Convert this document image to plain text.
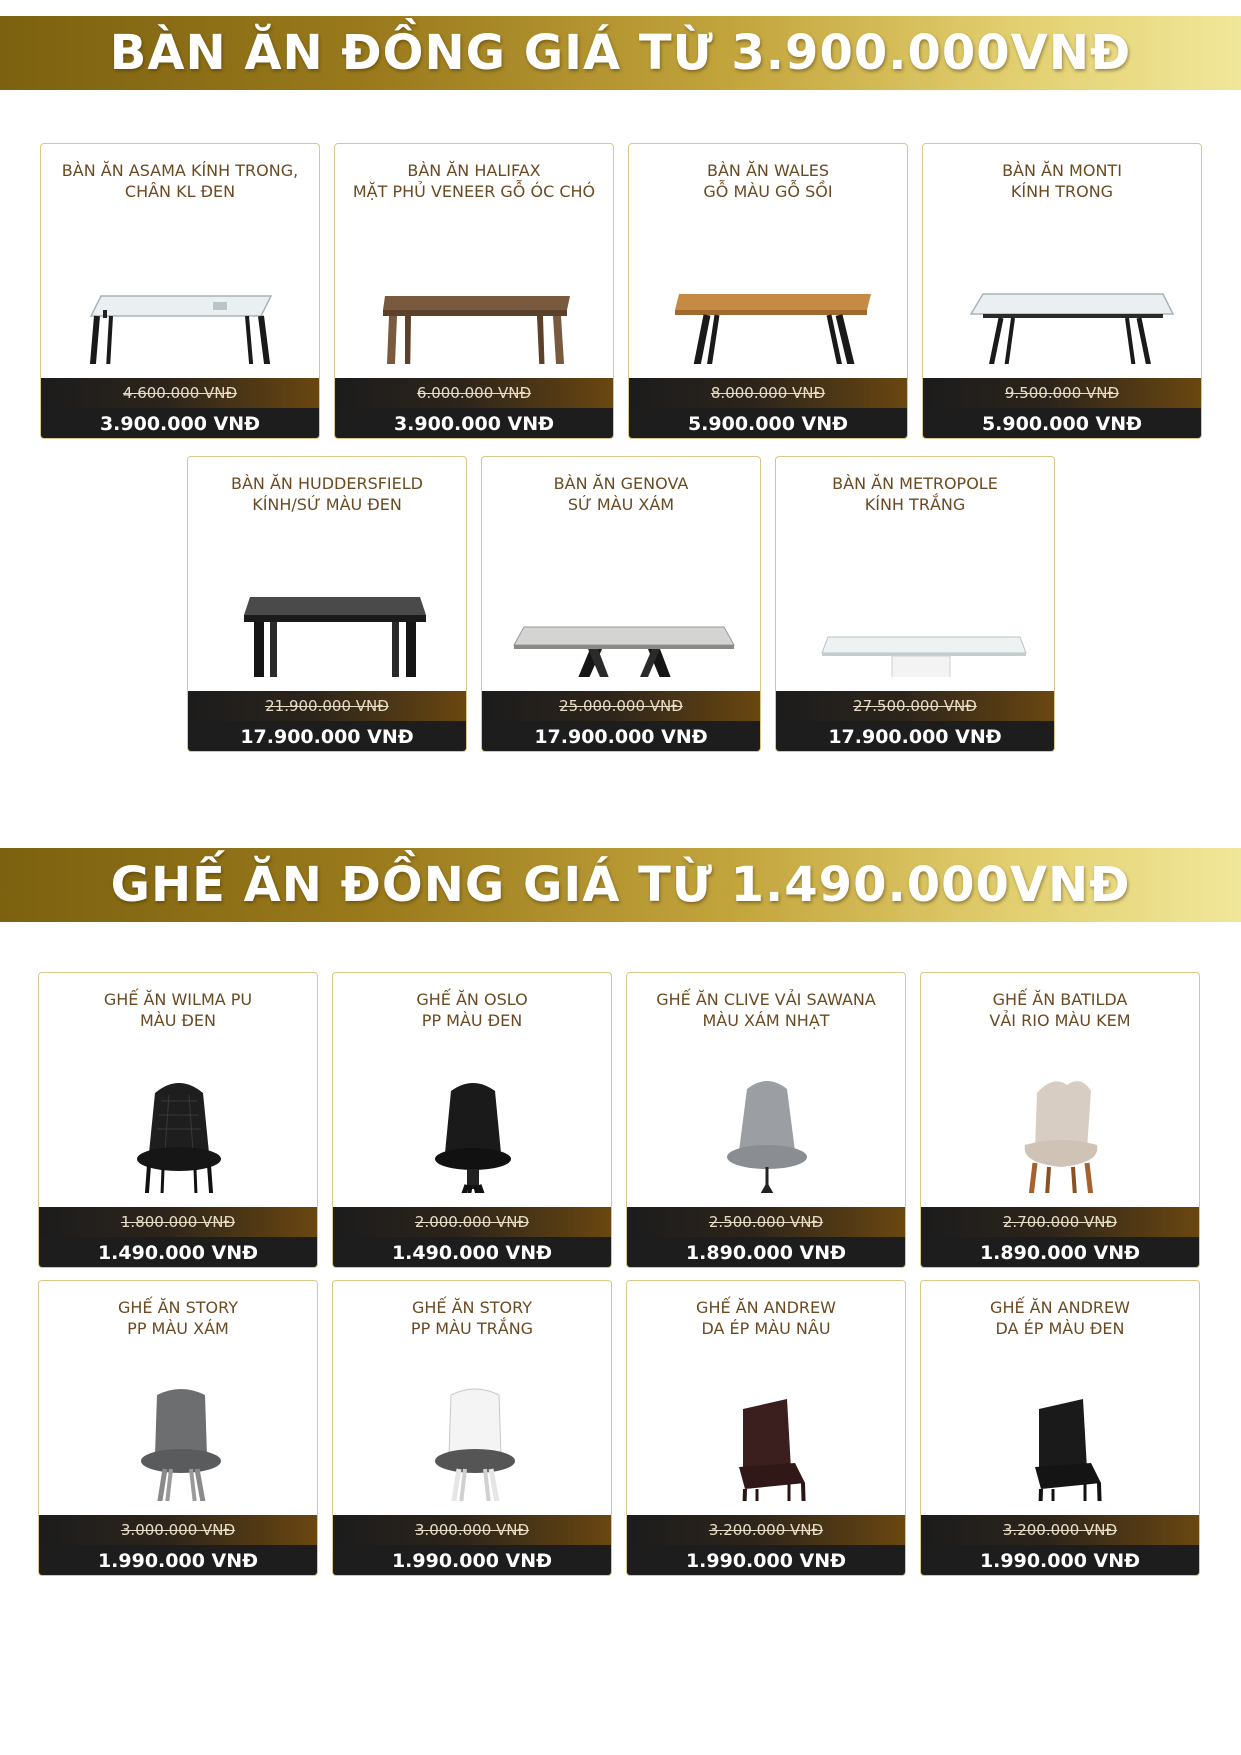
BÀN ĂN ĐỒNG GIÁ TỪ 3.900.000VNĐ
BÀN ĂN ASAMA KÍNH TRONG,
CHÂN KL ĐEN
4.600.000 VNĐ
3.900.000 VNĐ
BÀN ĂN HALIFAX
MẶT PHỦ VENEER GỖ ÓC CHÓ
6.000.000 VNĐ
3.900.000 VNĐ
BÀN ĂN WALES
GỖ MÀU GỖ SỒI
8.000.000 VNĐ
5.900.000 VNĐ
BÀN ĂN MONTI
KÍNH TRONG
9.500.000 VNĐ
5.900.000 VNĐ
BÀN ĂN HUDDERSFIELD
KÍNH/SỨ MÀU ĐEN
21.900.000 VNĐ
17.900.000 VNĐ
BÀN ĂN GENOVA
SỨ MÀU XÁM
25.000.000 VNĐ
17.900.000 VNĐ
BÀN ĂN METROPOLE
KÍNH TRẮNG
27.500.000 VNĐ
17.900.000 VNĐ
GHẾ ĂN ĐỒNG GIÁ TỪ 1.490.000VNĐ
GHẾ ĂN WILMA PU
MÀU ĐEN
1.800.000 VNĐ
1.490.000 VNĐ
GHẾ ĂN OSLO
PP MÀU ĐEN
2.000.000 VNĐ
1.490.000 VNĐ
GHẾ ĂN CLIVE VẢI SAWANA
MÀU XÁM NHẠT
2.500.000 VNĐ
1.890.000 VNĐ
GHẾ ĂN BATILDA
VẢI RIO MÀU KEM
2.700.000 VNĐ
1.890.000 VNĐ
GHẾ ĂN STORY
PP MÀU XÁM
3.000.000 VNĐ
1.990.000 VNĐ
GHẾ ĂN STORY
PP MÀU TRẮNG
3.000.000 VNĐ
1.990.000 VNĐ
GHẾ ĂN ANDREW
DA ÉP MÀU NÂU
3.200.000 VNĐ
1.990.000 VNĐ
GHẾ ĂN ANDREW
DA ÉP MÀU ĐEN
3.200.000 VNĐ
1.990.000 VNĐ
